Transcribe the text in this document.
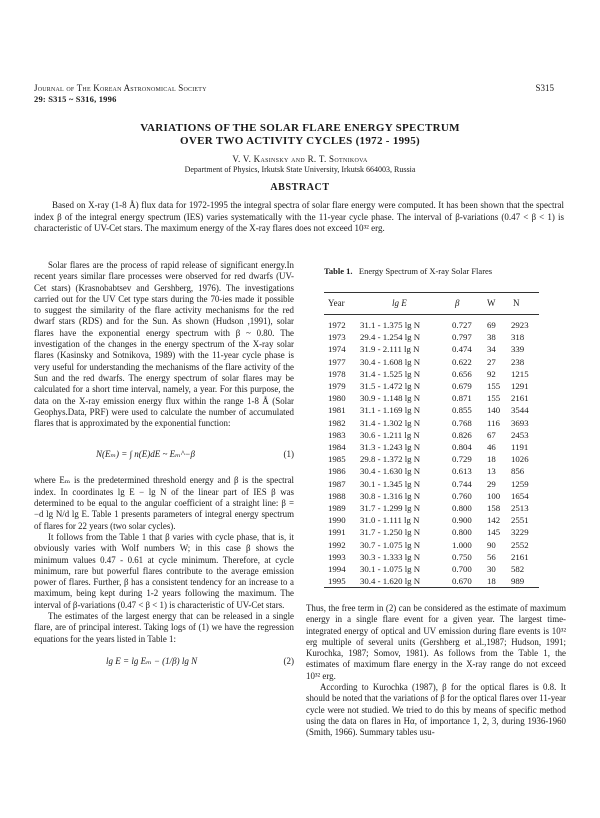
Journal of The Korean Astronomical Society
29: S315 ~ S316, 1996
S315
VARIATIONS OF THE SOLAR FLARE ENERGY SPECTRUM
OVER TWO ACTIVITY CYCLES (1972 - 1995)
V. V. Kasinsky and R. T. Sotnikova
Department of Physics, Irkutsk State University, Irkutsk 664003, Russia
ABSTRACT
Based on X-ray (1-8 Å) flux data for 1972-1995 the integral spectra of solar flare energy were computed. It has been shown that the spectral index β of the integral energy spectrum (IES) varies systematically with the 11-year cycle phase. The interval of β-variations (0.47 < β < 1) is characteristic of UV-Cet stars. The maximum energy of the X-ray flares does not exceed 10³² erg.

Solar flares are the process of rapid release of significant energy.In recent years similar flare processes were observed for red dwarfs (UV-Cet stars) (Krasnobabtsev and Gershberg, 1976). The investigations carried out for the UV Cet type stars during the 70-ies made it possible to suggest the similarity of the flare activity mechanisms for the red dwarf stars (RDS) and for the Sun. As shown (Hudson ,1991), solar flares have the exponential energy spectrum with β ~ 0.80. The investigation of the changes in the energy spectrum of the X-ray solar flares (Kasinsky and Sotnikova, 1989) with the 11-year cycle phase is very useful for understanding the mechanisms of the flare activity of the Sun and the red dwarfs. The energy spectrum of solar flares may be calculated for a short time interval, namely, a year. For this purpose, the data on the X-ray emission energy flux within the range 1-8 Å (Solar Geophys.Data, PRF) were used to calculate the number of accumulated flares that is approximated by the exponential function:

N(Eₘ) = ∫ n(E)dE ~ Eₘ^−β	(1)

where Eₘ is the predetermined threshold energy and β is the spectral index. In coordinates lg E − lg N of the linear part of IES β was determined to be equal to the angular coefficient of a straight line: β = −d lg N/d lg E. Table 1 presents parameters of integral energy spectrum of flares for 22 years (two solar cycles).

It follows from the Table 1 that β varies with cycle phase, that is, it obviously varies with Wolf numbers W; in this case β shows the minimum values 0.47 - 0.61 at cycle minimum. Therefore, at cycle minimum, rare but powerful flares contribute to the average emission power of flares. Further, β has a consistent tendency for an increase to a maximum, being kept during 1-2 years following the maximum. The interval of β-variations (0.47 < β < 1) is characteristic of UV-Cet stars.

The estimates of the largest energy that can be released in a single flare, are of principal interest. Taking logs of (1) we have the regression equations for the years listed in Table 1:

lg E = lg Eₘ − (1/β) lg N	(2)
Table 1. Energy Spectrum of X-ray Solar Flares
Year	lg E	β	W N
1972 31.1 - 1.375 lg N	0.727 69 2923
1973 29.4 - 1.254 lg N	0.797 38 318
1974 31.9 - 2.111 lg N	0.474 34 339
1977 30.4 - 1.608 lg N	0.622 27 238
1978 31.4 - 1.525 lg N	0.656 92 1215
1979 31.5 - 1.472 lg N	0.679 155 1291
1980 30.9 - 1.148 lg N	0.871 155 2161
1981 31.1 - 1.169 lg N	0.855 140 3544
1982 31.4 - 1.302 lg N	0.768 116 3693
1983 30.6 - 1.211 lg N	0.826 67 2453
1984 31.3 - 1.243 lg N	0.804 46 1191
1985 29.8 - 1.372 lg N	0.729 18 1026
1986 30.4 - 1.630 lg N	0.613 13 856
1987 30.1 - 1.345 lg N	0.744 29 1259
1988 30.8 - 1.316 lg N	0.760 100 1654
1989 31.7 - 1.299 lg N	0.800 158 2513
1990 31.0 - 1.111 lg N	0.900 142 2551
1991 31.7 - 1.250 lg N	0.800 145 3229
1992 30.7 - 1.075 lg N	1.000 90 2552
1993 30.3 - 1.333 lg N	0.750 56 2161
1994 30.1 - 1.075 lg N	0.700 30 582
1995 30.4 - 1.620 lg N	0.670 18 989

Thus, the free term in (2) can be considered as the estimate of maximum energy in a single flare event for a given year. The largest time-integrated energy of optical and UV emission during flare events is 10³² erg multiple of several units (Gershberg et al.,1987; Hudson, 1991; Kurochka, 1987; Somov, 1981). As follows from the Table 1, the estimates of maximum flare energy in the X-ray range do not exceed 10³² erg.

According to Kurochka (1987), β for the optical flares is 0.8. It should be noted that the variations of β for the optical flares over 11-year cycle were not studied. We tried to do this by means of specific method using the data on flares in Hα, of importance 1, 2, 3, during 1936-1960 (Smith, 1966). Summary tables usu-
